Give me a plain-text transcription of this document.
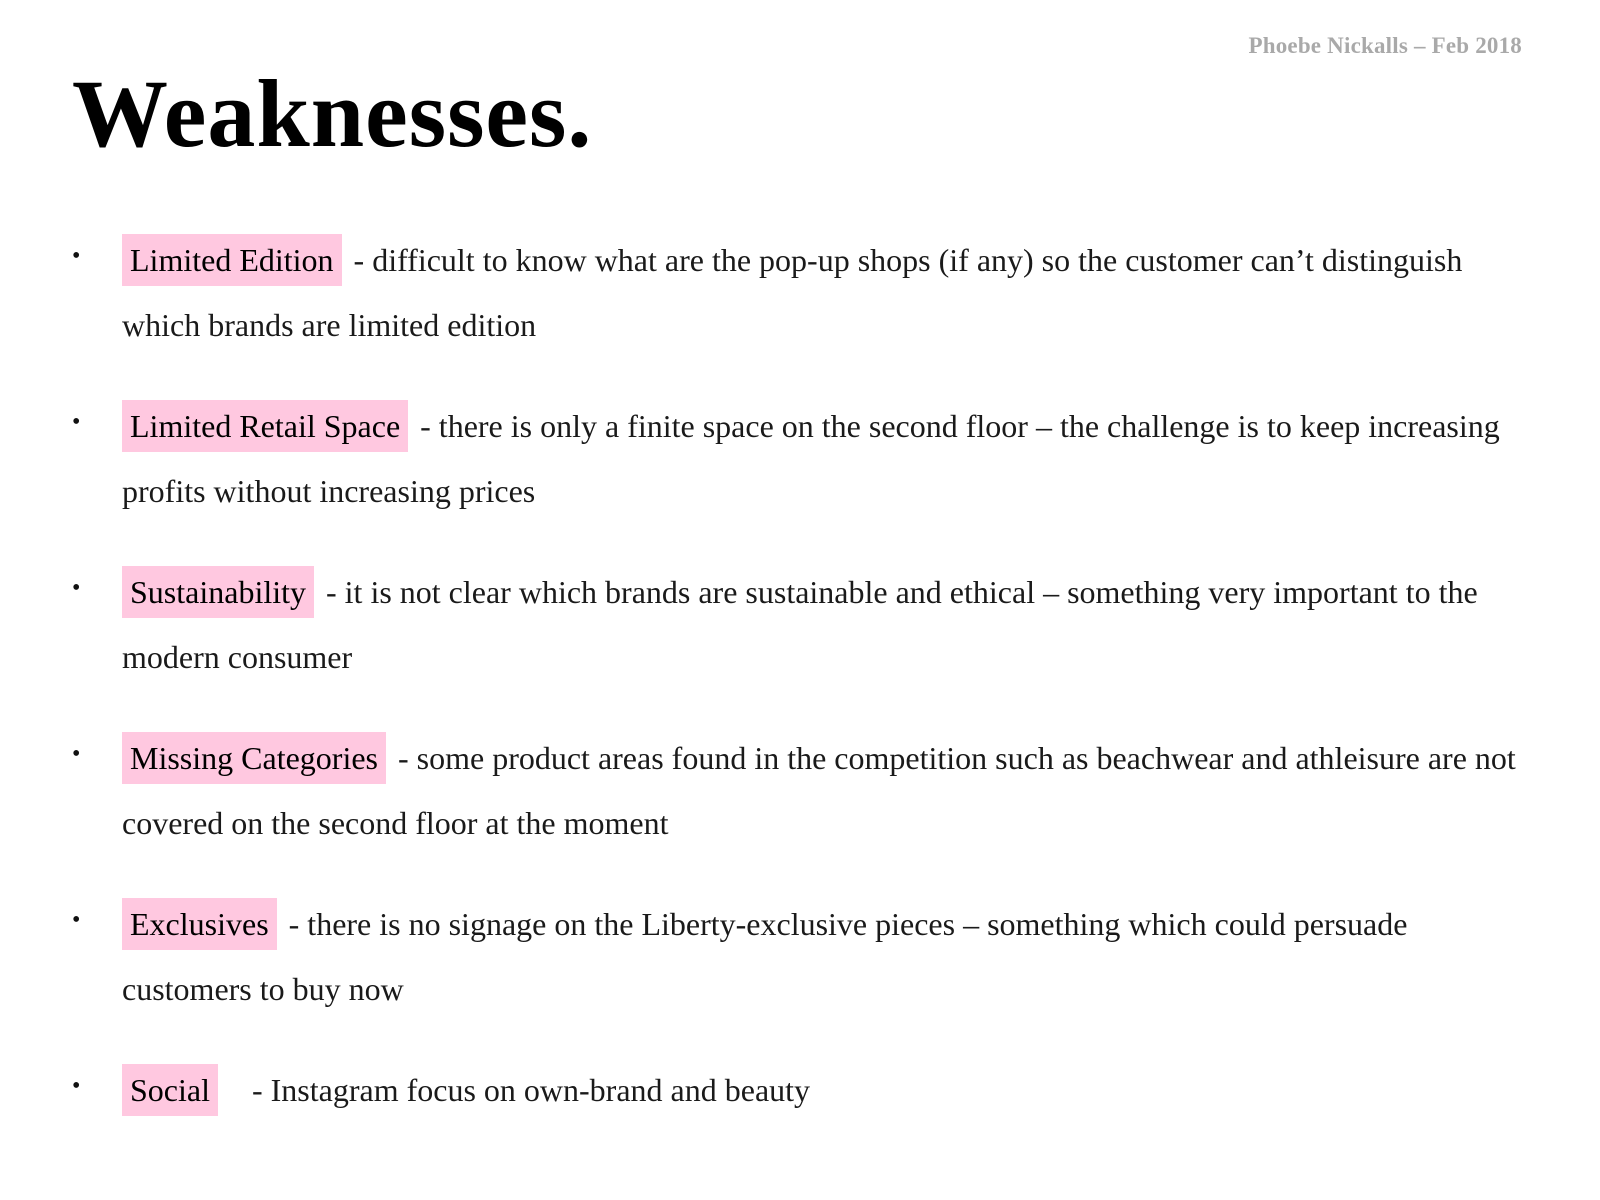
Phoebe Nickalls – Feb 2018
Weaknesses.
•	Limited Edition - difficult to know what are the pop-up shops (if any) so the customer can’t distinguish which brands are limited edition
•	Limited Retail Space - there is only a finite space on the second floor – the challenge is to keep increasing profits without increasing prices
•	Sustainability - it is not clear which brands are sustainable and ethical – something very important to the modern consumer
•	Missing Categories - some product areas found in the competition such as beachwear and athleisure are not covered on the second floor at the moment
•	Exclusives - there is no signage on the Liberty-exclusive pieces – something which could persuade customers to buy now
•	Social - Instagram focus on own-brand and beauty
